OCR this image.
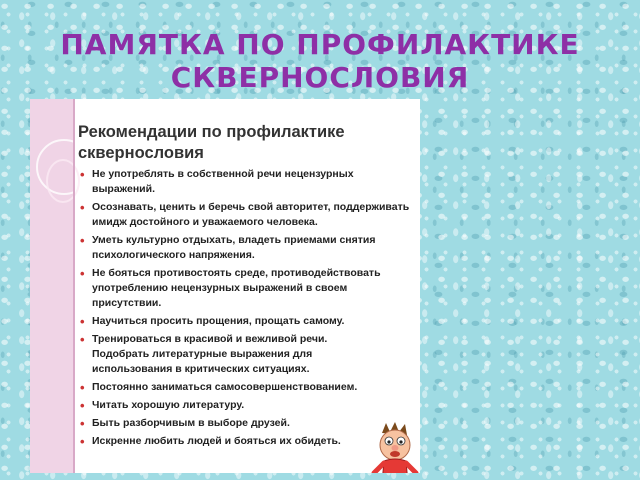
ПАМЯТКА ПО ПРОФИЛАКТИКЕ СКВЕРНОСЛОВИЯ
Рекомендации по профилактике сквернословия
• Не употреблять в собственной речи нецензурных выражений.
• Осознавать, ценить и беречь свой авторитет, поддерживать имидж достойного и уважаемого человека.
• Уметь культурно отдыхать, владеть приемами снятия психологического напряжения.
• Не бояться противостоять среде, противодействовать употреблению нецензурных выражений в своем присутствии.
• Научиться просить прощения, прощать самому.
• Тренироваться в красивой и вежливой речи. Подобрать литературные выражения для использования в критических ситуациях.
• Постоянно заниматься самосовершенствованием.
• Читать хорошую литературу.
• Быть разборчивым в выборе друзей.
• Искренне любить людей и бояться их обидеть.
